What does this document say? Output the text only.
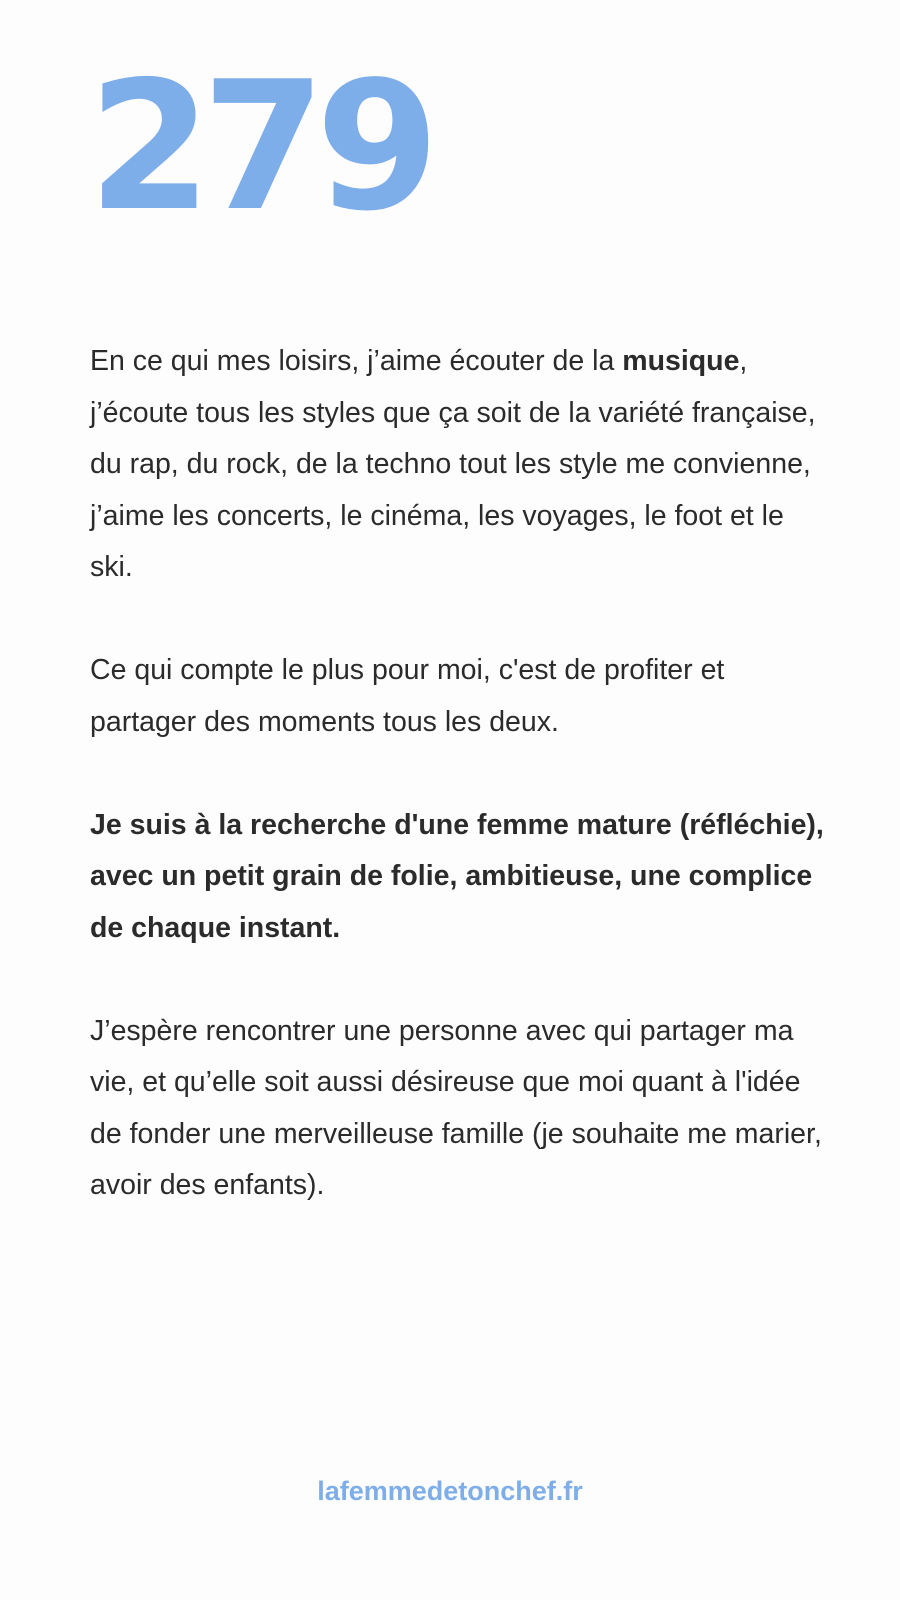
279

En ce qui mes loisirs, j’aime écouter de la musique, j’écoute tous les styles que ça soit de la variété française, du rap, du rock, de la techno tout les style me convienne, j’aime les concerts, le cinéma, les voyages, le foot et le ski.

Ce qui compte le plus pour moi, c'est de profiter et partager des moments tous les deux.

Je suis à la recherche d'une femme mature (réfléchie), avec un petit grain de folie, ambitieuse, une complice de chaque instant.

J’espère rencontrer une personne avec qui partager ma vie, et qu’elle soit aussi désireuse que moi quant à l'idée de fonder une merveilleuse famille (je souhaite me marier, avoir des enfants).

lafemmedetonchef.fr
